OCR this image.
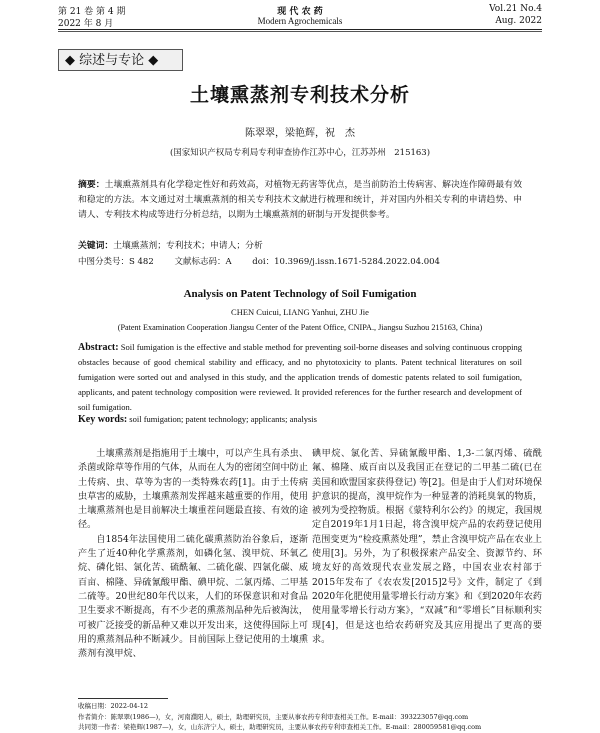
第 21 卷 第 4 期	现 代 农 药	Vol.21 No.4
2022 年 8 月	Modern Agrochemicals	Aug. 2022
◆ 综述与专论 ◆
土壤熏蒸剂专利技术分析
陈翠翠，梁艳辉，祝　杰
(国家知识产权局专利局专利审查协作江苏中心，江苏苏州　215163)
摘要：土壤熏蒸剂具有化学稳定性好和药效高，对植物无药害等优点，是当前防治土传病害、解决连作障碍最有效和稳定的方法。本文通过对土壤熏蒸剂的相关专利技术文献进行梳理和统计，并对国内外相关专利的申请趋势、申请人、专利技术构成等进行分析总结，以期为土壤熏蒸剂的研制与开发提供参考。
关键词：土壤熏蒸剂；专利技术；申请人；分析
中图分类号：S 482 文献标志码：A doi：10.3969/j.issn.1671-5284.2022.04.004
Analysis on Patent Technology of Soil Fumigation
CHEN Cuicui, LIANG Yanhui, ZHU Jie
(Patent Examination Cooperation Jiangsu Center of the Patent Office, CNIPA., Jiangsu Suzhou 215163, China)
Abstract: Soil fumigation is the effective and stable method for preventing soil-borne diseases and solving continuous cropping obstacles because of good chemical stability and efficacy, and no phytotoxicity to plants. Patent technical literatures on soil fumigation were sorted out and analysed in this study, and the application trends of domestic patents related to soil fumigation, applicants, and patent technology composition were reviewed. It provided references for the further research and development of soil fumigation.
Key words: soil fumigation; patent technology; applicants; analysis

土壤熏蒸剂是指施用于土壤中，可以产生具有杀虫、杀菌或除草等作用的气体，从而在人为的密闭空间中防止土传病、虫、草等为害的一类特殊农药[1]。由于土传病虫草害的威胁，土壤熏蒸剂发挥越来越重要的作用，使用土壤熏蒸剂也是目前解决土壤重茬问题最直接、有效的途径。

自1854年法国使用二硫化碳熏蒸防治谷象后，逐渐产生了近40种化学熏蒸剂，如磷化氢、溴甲烷、环氧乙烷、磷化铝、氯化苦、硫酰氟、二硫化碳、四氯化碳、威百亩、棉隆、异硫氰酸甲酯、碘甲烷、二氯丙烯、二甲基二硫等。20世纪80年代以来，人们的环保意识和对食品卫生要求不断提高，有不少老的熏蒸剂品种先后被淘汰，可被广泛接受的新品种又难以开发出来，这使得国际上可用的熏蒸剂品种不断减少。目前国际上登记使用的土壤熏蒸剂有溴甲烷、

碘甲烷、氯化苦、异硫氰酸甲酯、1,3-二氯丙烯、硫酰氟、棉隆、威百亩以及我国正在登记的二甲基二硫(已在美国和欧盟国家获得登记) 等[2]。但是由于人们对环境保护意识的提高，溴甲烷作为一种显著的消耗臭氧的物质，被列为受控物质。根据《蒙特利尔公约》的规定，我国规定自2019年1月1日起，将含溴甲烷产品的农药登记使用范围变更为“检疫熏蒸处理”，禁止含溴甲烷产品在农业上使用[3]。另外，为了积极探索产品安全、资源节约、环境友好的高效现代农业发展之路，中国农业农村部于2015年发布了《农农发[2015]2号》文件，制定了《到2020年化肥使用量零增长行动方案》和《到2020年农药使用量零增长行动方案》，“双减”和“零增长”目标顺利实现[4]，但是这也给农药研究及其应用提出了更高的要求。

收稿日期：2022-04-12
作者简介：陈翠翠(1986—)，女，河南濮阳人，硕士，助理研究员，主要从事农药专利审查相关工作。E-mail：393223057@qq.com
共同第一作者：梁艳辉(1987—)，女，山东济宁人，硕士，助理研究员，主要从事农药专利审查相关工作。E-mail：280059581@qq.com
